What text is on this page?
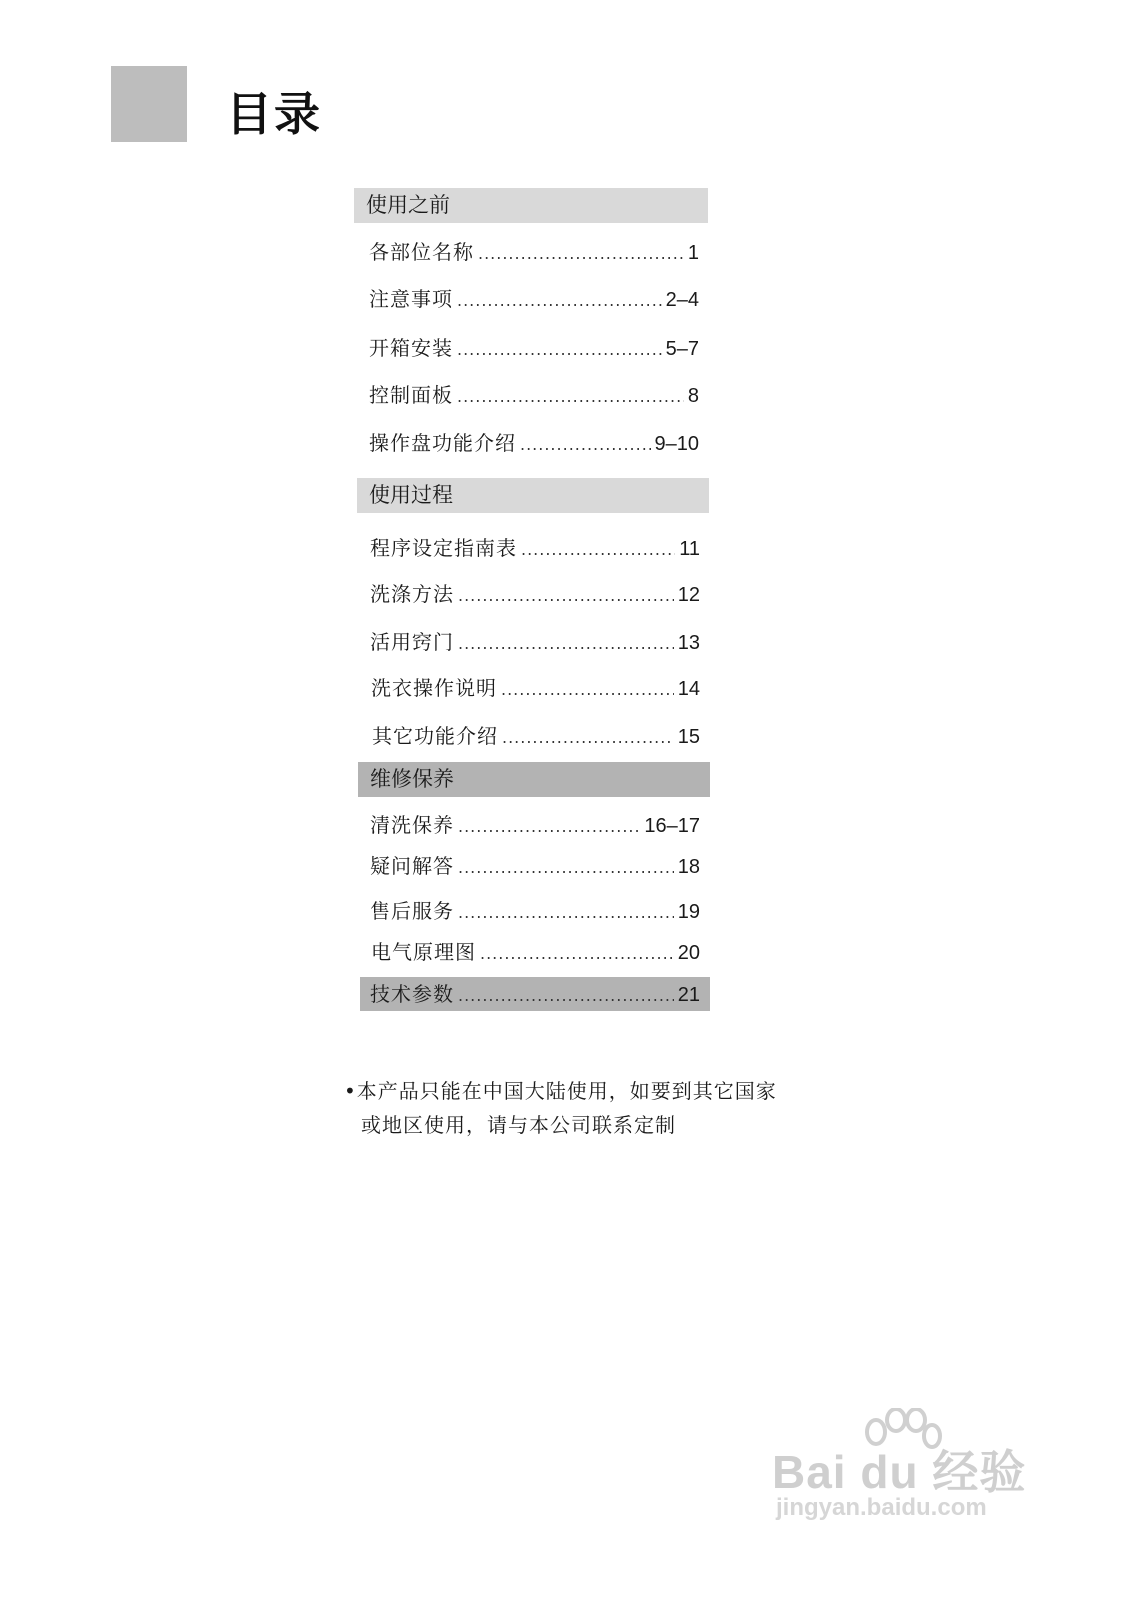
目录
使用之前
各部位名称 .....	1
注意事项 .....	2–4
开箱安装 .....	5–7
控制面板 .....	8
操作盘功能介绍 .....	9–10
使用过程
程序设定指南表 .....	11
洗涤方法 .....	12
活用窍门 .....	13
洗衣操作说明 .....	14
其它功能介绍 .....	15
维修保养
清洗保养 .....	16–17
疑问解答 .....	18
售后服务 .....	19
电气原理图 .....	20
技术参数 .....	21
•本产品只能在中国大陆使用，如要到其它国家
或地区使用，请与本公司联系定制
Bai du 经验
jingyan.baidu.com
